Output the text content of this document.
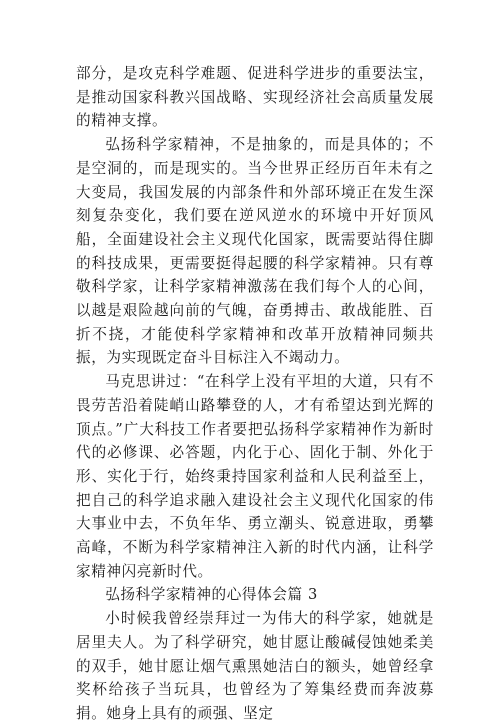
部分，是攻克科学难题、促进科学进步的重要法宝，是推动国家科教兴国战略、实现经济社会高质量发展的精神支撑。

弘扬科学家精神，不是抽象的，而是具体的；不是空洞的，而是现实的。当今世界正经历百年未有之大变局，我国发展的内部条件和外部环境正在发生深刻复杂变化，我们要在逆风逆水的环境中开好顶风船，全面建设社会主义现代化国家，既需要站得住脚的科技成果，更需要挺得起腰的科学家精神。只有尊敬科学家，让科学家精神激荡在我们每个人的心间，以越是艰险越向前的气魄，奋勇搏击、敢战能胜、百折不挠，才能使科学家精神和改革开放精神同频共振，为实现既定奋斗目标注入不竭动力。

马克思讲过：“在科学上没有平坦的大道，只有不畏劳苦沿着陡峭山路攀登的人，才有希望达到光辉的顶点。”广大科技工作者要把弘扬科学家精神作为新时代的必修课、必答题，内化于心、固化于制、外化于形、实化于行，始终秉持国家利益和人民利益至上，把自己的科学追求融入建设社会主义现代化国家的伟大事业中去，不负年华、勇立潮头、锐意进取，勇攀高峰，不断为科学家精神注入新的时代内涵，让科学家精神闪亮新时代。

弘扬科学家精神的心得体会篇 3

小时候我曾经崇拜过一为伟大的科学家，她就是居里夫人。为了科学研究，她甘愿让酸碱侵蚀她柔美的双手，她甘愿让烟气熏黑她洁白的额头，她曾经拿奖杯给孩子当玩具，也曾经为了筹集经费而奔波募捐。她身上具有的顽强、坚定
